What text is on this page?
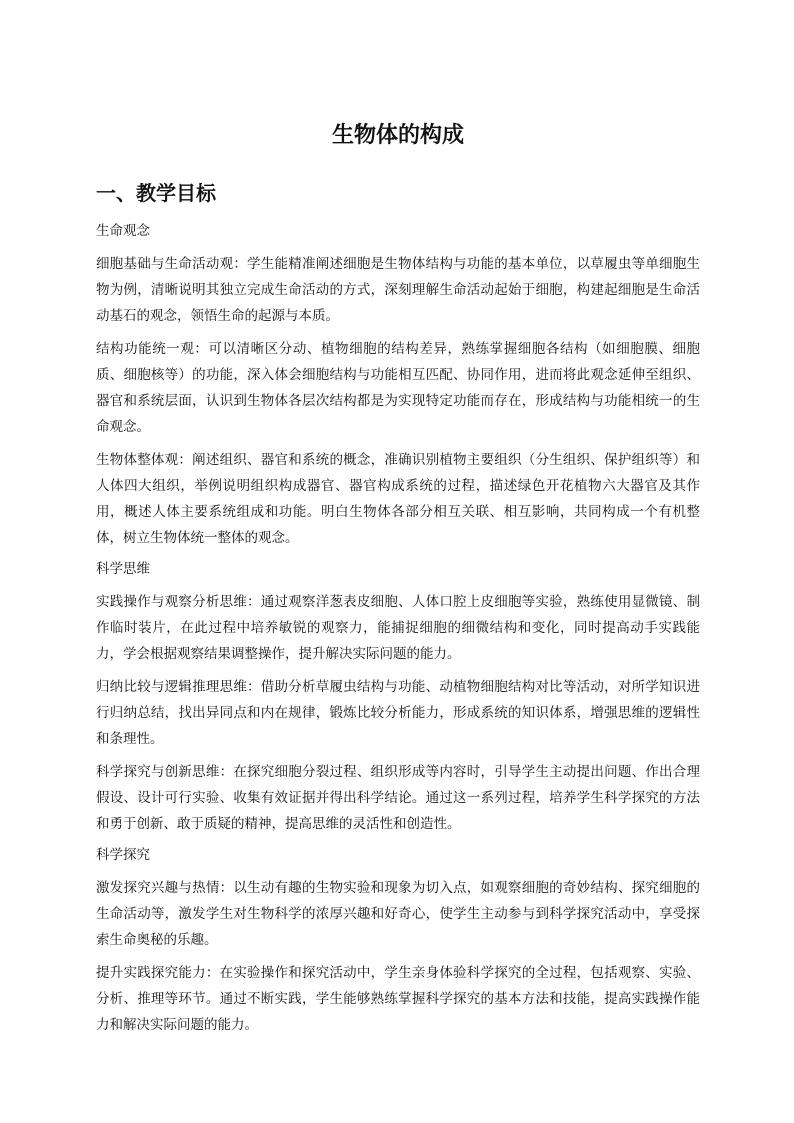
生物体的构成
一、教学目标

生命观念

细胞基础与生命活动观：学生能精准阐述细胞是生物体结构与功能的基本单位，以草履虫等单细胞生物为例，清晰说明其独立完成生命活动的方式，深刻理解生命活动起始于细胞，构建起细胞是生命活动基石的观念，领悟生命的起源与本质。

结构功能统一观：可以清晰区分动、植物细胞的结构差异，熟练掌握细胞各结构（如细胞膜、细胞质、细胞核等）的功能，深入体会细胞结构与功能相互匹配、协同作用，进而将此观念延伸至组织、器官和系统层面，认识到生物体各层次结构都是为实现特定功能而存在，形成结构与功能相统一的生命观念。

生物体整体观：阐述组织、器官和系统的概念，准确识别植物主要组织（分生组织、保护组织等）和人体四大组织，举例说明组织构成器官、器官构成系统的过程，描述绿色开花植物六大器官及其作用，概述人体主要系统组成和功能。明白生物体各部分相互关联、相互影响，共同构成一个有机整体，树立生物体统一整体的观念。

科学思维

实践操作与观察分析思维：通过观察洋葱表皮细胞、人体口腔上皮细胞等实验，熟练使用显微镜、制作临时装片，在此过程中培养敏锐的观察力，能捕捉细胞的细微结构和变化，同时提高动手实践能力，学会根据观察结果调整操作，提升解决实际问题的能力。

归纳比较与逻辑推理思维：借助分析草履虫结构与功能、动植物细胞结构对比等活动，对所学知识进行归纳总结，找出异同点和内在规律，锻炼比较分析能力，形成系统的知识体系，增强思维的逻辑性和条理性。

科学探究与创新思维：在探究细胞分裂过程、组织形成等内容时，引导学生主动提出问题、作出合理假设、设计可行实验、收集有效证据并得出科学结论。通过这一系列过程，培养学生科学探究的方法和勇于创新、敢于质疑的精神，提高思维的灵活性和创造性。

科学探究

激发探究兴趣与热情：以生动有趣的生物实验和现象为切入点，如观察细胞的奇妙结构、探究细胞的生命活动等，激发学生对生物科学的浓厚兴趣和好奇心，使学生主动参与到科学探究活动中，享受探索生命奥秘的乐趣。

提升实践探究能力：在实验操作和探究活动中，学生亲身体验科学探究的全过程，包括观察、实验、分析、推理等环节。通过不断实践，学生能够熟练掌握科学探究的基本方法和技能，提高实践操作能力和解决实际问题的能力。
